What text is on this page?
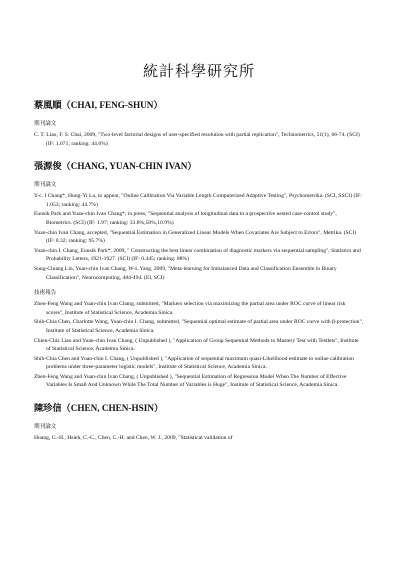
統計科學研究所
蔡風順（CHAI, FENG-SHUN）
期刊論文
C. T. Liao, F. S. Chai, 2009, "Two-level factorial designs of user-specified resolution with partial replication", Technometrics, 51(1), 66-74. (SCI) (IF: 1.071; ranking: 44.6%)
張源俊（CHANG, YUAN-CHIN IVAN）
期刊論文
Y-c. I Chang*, Hung-Yi Lu, to appear, "Online Calibration Via Variable Length Computerized Adaptive Testing", Psychometrika. (SCI, SSCI) (IF: 1.053; ranking: 44.7%)
Eunsik Park and Yuan-chin Ivan Chang*, in press, "Sequential analysis of longitudinal data in a prospective nested case-control study", Biometrics. (SCI) (IF: 1.97; ranking: 33.8%,50%,10.9%)
Yuan-chin Ivan Chang, accepted, "Sequential Estimation in Generalized Linear Models When Covariates Are Subject to Errors", Metrika. (SCI) (IF: 0.32; ranking: 95.7%)
Yuan-chin I. Chang, Eunsik Park*, 2009, " Constructing the best linear combination of diagnostic markers via sequential sampling", Statistics and Probability Letters, 1921-1927. (SCI) (IF: 0.445; ranking: 88%)
Sung-Chiang Lin, Yuan-chin Ivan Chang, W-L Yang, 2009, "Meta-learning for Imbalanced Data and Classification Ensemble in Binary Classification", Neurocomputing, 484-494. (EI, SCI)
技術報告
Zhen-Feng Wang and Yuan-chin Ivan Chang, submitted, "Markers selection via maximizing the partial area under ROC curve of linear risk scores", Institute of Statistical Science, Academia Sinica.
Shih-Chia Chen, Charlotte Wang, Yuan-chin I. Chang, submitted, "Sequential optimal estimate of partial area under ROC curve with β-protection", Institute of Statistical Science, Academia Sinica.
Chien-Chiz Liao and Yuan-chin Ivan Chang, ( Unpublished ), "Application of Group Sequential Methods to Mastery Test with Testlets", Institute of Statistical Science, Academia Sinica.
Shih-Chia Chen and Yuan-chin I. Chang, ( Unpublished ), "Application of sequential maximum quasi-Likelihood estimate to online calibration problems under three-parameter logistic models", Institute of Statistical Science, Academia Sinica.
Zhen-Feng Wang and Yuan-chin Ivan Chang, ( Unpublished ), "Sequential Estimation of Regression Model When The Number of Effective Variables Is Small And Unknown While The Total Number of Variables is Huge", Institute of Statistical Science, Academia Sinica.
陳珍信（CHEN, CHEN-HSIN）
期刊論文
Huang, G.-H., Hsieh, C.-C., Chen, C.-H. and Chen, W. J., 2009, "Statistical validation of
